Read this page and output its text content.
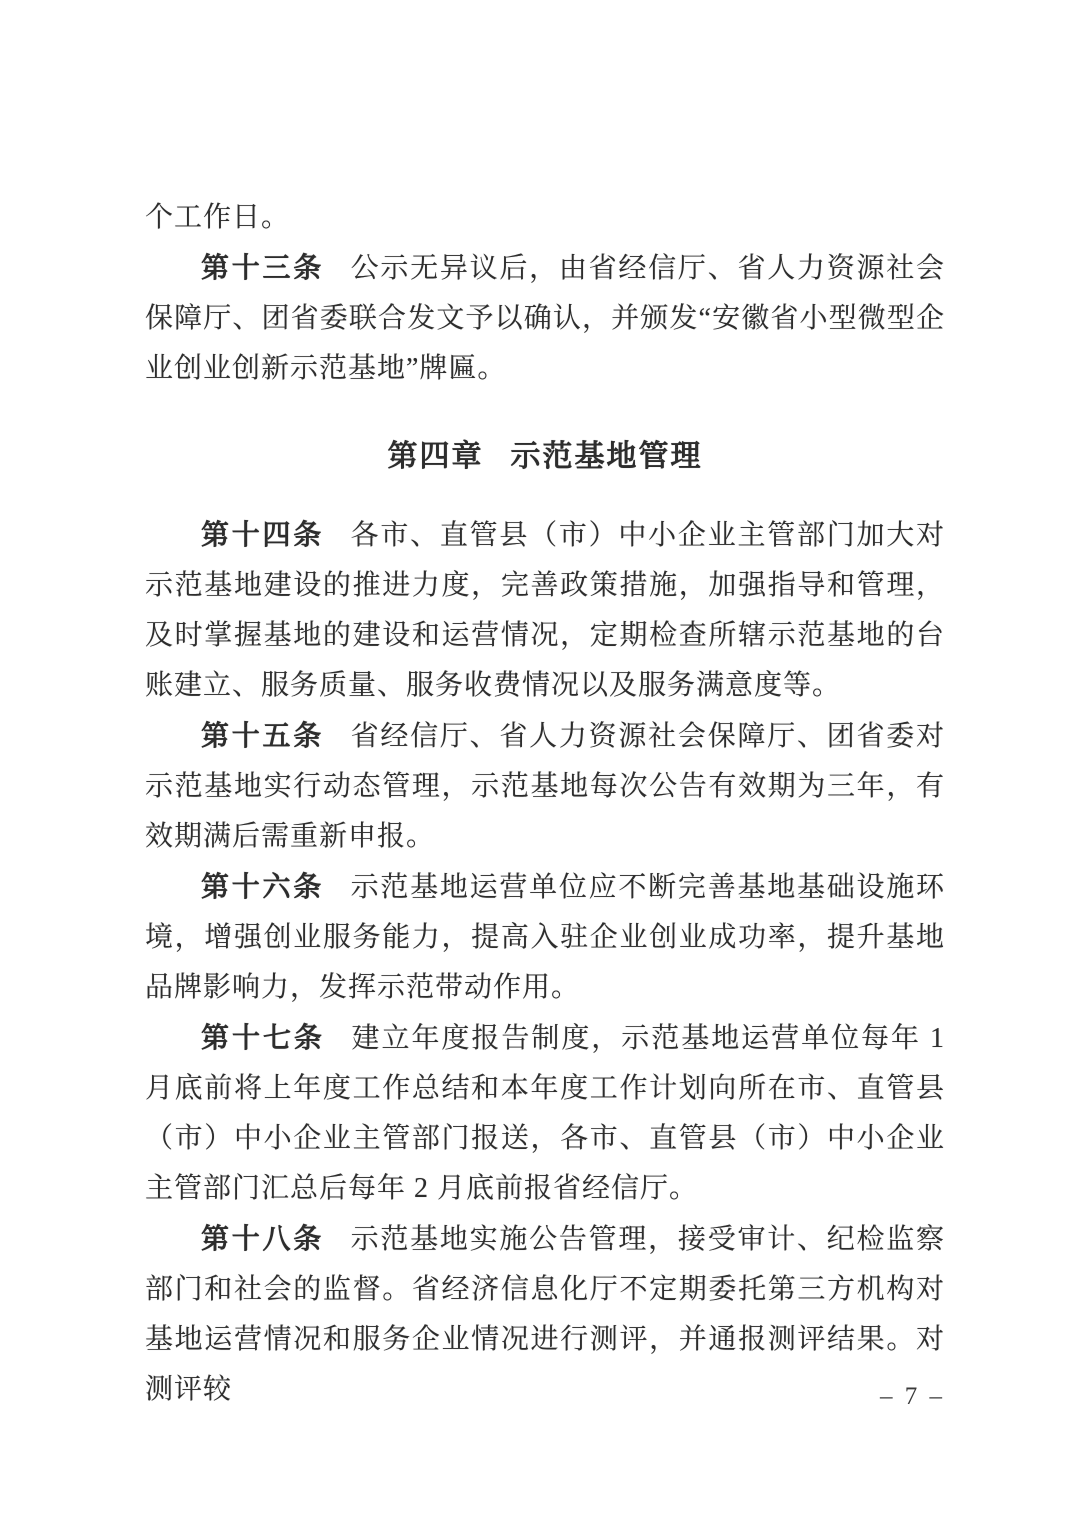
个工作日。

第十三条 公示无异议后，由省经信厅、省人力资源社会保障厅、团省委联合发文予以确认，并颁发“安徽省小型微型企业创业创新示范基地”牌匾。

第四章 示范基地管理

第十四条 各市、直管县（市）中小企业主管部门加大对示范基地建设的推进力度，完善政策措施，加强指导和管理，及时掌握基地的建设和运营情况，定期检查所辖示范基地的台账建立、服务质量、服务收费情况以及服务满意度等。

第十五条 省经信厅、省人力资源社会保障厅、团省委对示范基地实行动态管理，示范基地每次公告有效期为三年，有效期满后需重新申报。

第十六条 示范基地运营单位应不断完善基地基础设施环境，增强创业服务能力，提高入驻企业创业成功率，提升基地品牌影响力，发挥示范带动作用。

第十七条 建立年度报告制度，示范基地运营单位每年 1 月底前将上年度工作总结和本年度工作计划向所在市、直管县（市）中小企业主管部门报送，各市、直管县（市）中小企业主管部门汇总后每年 2 月底前报省经信厅。

第十八条 示范基地实施公告管理，接受审计、纪检监察部门和社会的监督。省经济信息化厅不定期委托第三方机构对基地运营情况和服务企业情况进行测评，并通报测评结果。对测评较	– 7 –
